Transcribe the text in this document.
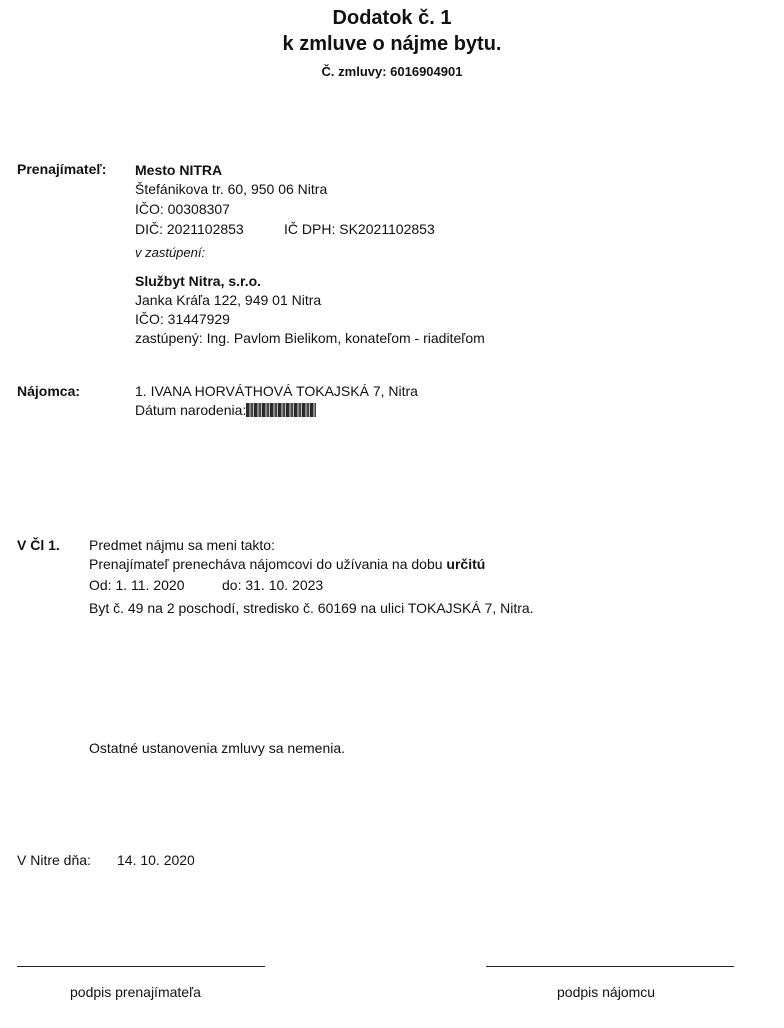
Dodatok č. 1
k zmluve o nájme bytu.
Č. zmluvy: 6016904901
Prenajímateľ: Mesto NITRA
Štefánikova tr. 60, 950 06 Nitra
IČO: 00308307
DIČ: 2021102853	IČ DPH: SK2021102853
v zastúpení:
Službyt Nitra, s.r.o.
Janka Kráľa 122, 949 01 Nitra
IČO: 31447929
zastúpený: Ing. Pavlom Bielikom, konateľom - riaditeľom
Nájomca:	1. IVANA HORVÁTHOVÁ TOKAJSKÁ 7, Nitra
Dátum narodenia:
V Čl 1. Predmet nájmu sa meni takto:
Prenajímateľ prenecháva nájomcovi do užívania na dobu určitú
Od: 1. 11. 2020	do: 31. 10. 2023
Byt č. 49 na 2 poschodí, stredisko č. 60169 na ulici TOKAJSKÁ 7, Nitra.
Ostatné ustanovenia zmluvy sa nemenia.
V Nitre dňa: 14. 10. 2020
podpis prenajímateľa	podpis nájomcu
